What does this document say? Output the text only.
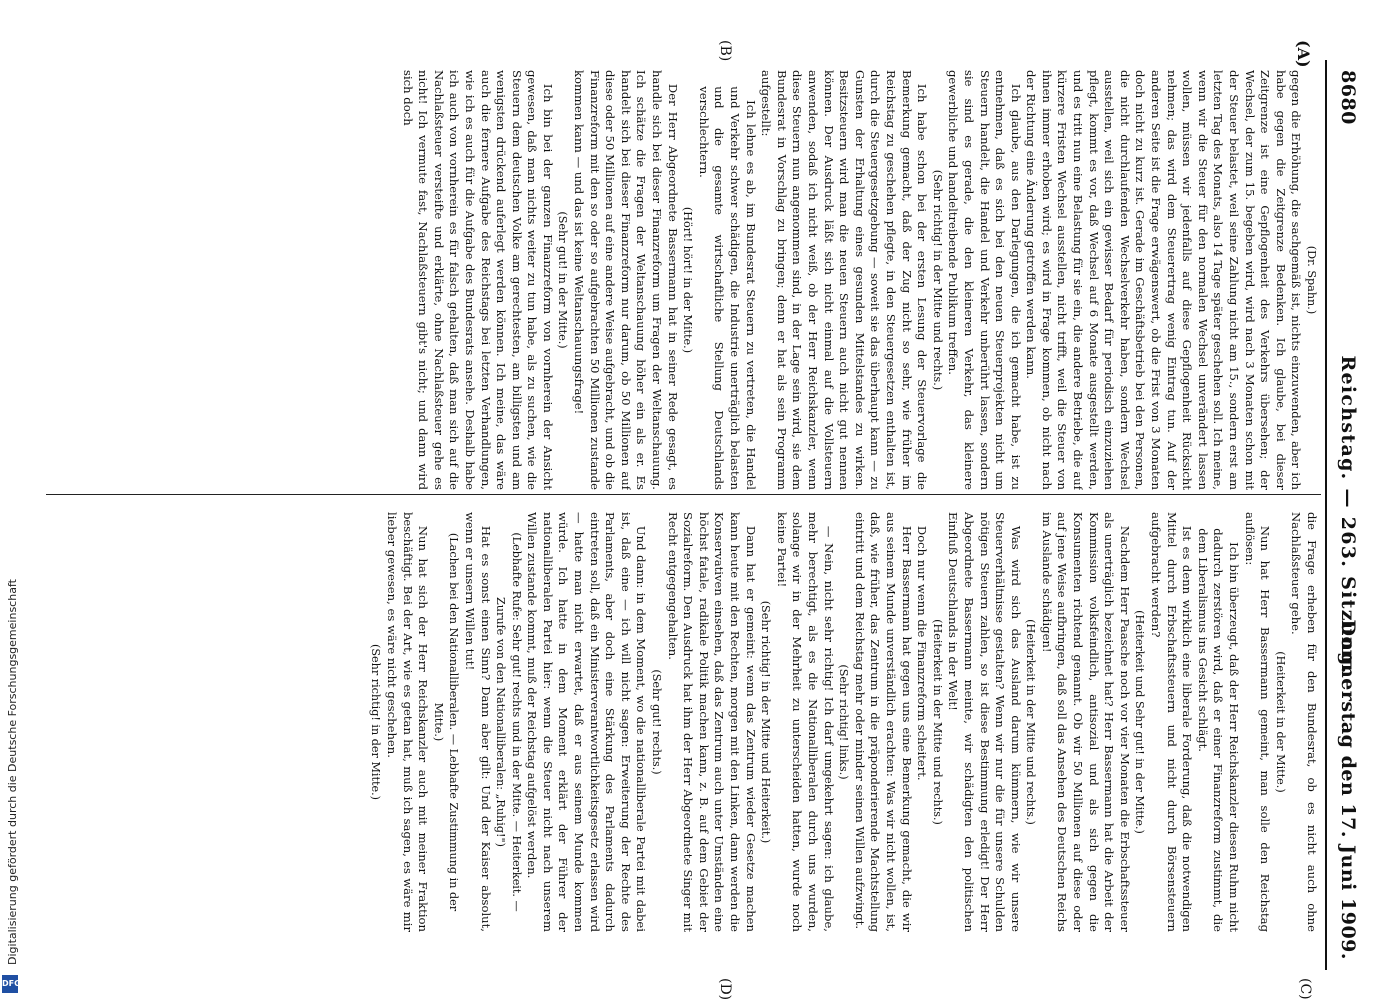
8680
Reichstag. — 263. Sitzung.
Donnerstag den 17. Juni 1909.
(A)
(B)
(C)
(D)

(Dr. Spahn.)

gegen die Erhöhung, die sachgemäß ist, nichts einzuwenden, aber ich habe gegen die Zeitgrenze Bedenken. Ich glaube, bei dieser Zeitgrenze ist eine Gepflogenheit des Verkehrs übersehen; der Wechsel, der zum 15. begeben wird, wird nach 3 Monaten schon mit der Steuer belastet, weil seine Zahlung nicht am 15., sondern erst am letzten Tag des Monats, also 14 Tage später geschehen soll. Ich meine, wenn wir die Steuer für den normalen Wechsel unverändert lassen wollen, müssen wir jedenfalls auf diese Gepflogenheit Rücksicht nehmen; das wird dem Steuerertrag wenig Eintrag tun. Auf der anderen Seite ist die Frage erwägenswert, ob die Frist von 3 Monaten doch nicht zu kurz ist. Gerade im Geschäftsbetrieb bei den Personen, die nicht durchlaufenden Wechselverkehr haben, sondern Wechsel ausstellen, weil sich ein gewisser Bedarf für periodisch einzuziehen pflegt, kommt es vor, daß Wechsel auf 6 Monate ausgestellt werden, und es tritt nun eine Belastung für sie ein, die andere Betriebe, die auf kürzere Fristen Wechsel ausstellen, nicht trifft, weil die Steuer von ihnen immer erhoben wird; es wird in Frage kommen, ob nicht nach der Richtung eine Änderung getroffen werden kann.

Ich glaube, aus den Darlegungen, die ich gemacht habe, ist zu entnehmen, daß es sich bei den neuen Steuerprojekten nicht um Steuern handelt, die Handel und Verkehr unberührt lassen, sondern sie sind es gerade, die den kleineren Verkehr, das kleinere gewerbliche und handeltreibende Publikum treffen.

(Sehr richtig! in der Mitte und rechts.)

Ich habe schon bei der ersten Lesung der Steuervorlage die Bemerkung gemacht, daß der Zug nicht so sehr, wie früher im Reichstag zu geschehen pflegte, in den Steuergesetzen enthalten ist, durch die Steuergesetzgebung — soweit sie das überhaupt kann — zu Gunsten der Erhaltung eines gesunden Mittelstandes zu wirken. Besitzsteuern wird man die neuen Steuern auch nicht gut nennen können. Der Ausdruck läßt sich nicht einmal auf die Vollsteuern anwenden, sodaß ich nicht weiß, ob der Herr Reichskanzler, wenn diese Steuern nun angenommen sind, in der Lage sein wird, sie dem Bundesrat in Vorschlag zu bringen; denn er hat als sein Programm aufgestellt:

Ich lehne es ab, im Bundesrat Steuern zu vertreten, die Handel und Verkehr schwer schädigen, die Industrie unerträglich belasten und die gesamte wirtschaftliche Stellung Deutschlands verschlechtern.

(Hört! hört! in der Mitte.)

Der Herr Abgeordnete Bassermann hat in seiner Rede gesagt, es handle sich bei dieser Finanzreform um Fragen der Weltanschauung. Ich schätze die Fragen der Weltanschauung höher ein als er. Es handelt sich bei dieser Finanzreform nur darum, ob 50 Millionen auf diese oder 50 Millionen auf eine andere Weise aufgebracht, und ob die Finanzreform mit den so oder so aufgebrachten 50 Millionen zustande kommen kann — und das ist keine Weltanschauungsfrage!

(Sehr gut! in der Mitte.)

Ich bin bei der ganzen Finanzreform von vornherein der Ansicht gewesen, daß man nichts weiter zu tun habe, als zu suchen, wie die Steuern dem deutschen Volke am gerechtesten, am billigsten und am wenigsten drückend auferlegt werden können. Ich meine, das wäre auch die fernere Aufgabe des Reichstags bei letzten Verhandlungen, wie ich es auch für die Aufgabe des Bundesrats ansehe. Deshalb habe ich auch von vornherein es für falsch gehalten, daß man sich auf die Nachlaßsteuer versteifte und erklärte, ohne Nachlaßsteuer gehe es nicht! Ich vermute fast, Nachlaßsteuern gibt's nicht; und dann wird sich doch

die Frage erheben für den Bundesrat, ob es nicht auch ohne Nachlaßsteuer gehe.

(Heiterkeit in der Mitte.)

Nun hat Herr Bassermann gemeint, man solle den Reichstag auflösen:

Ich bin überzeugt, daß der Herr Reichskanzler diesen Ruhm nicht dadurch zerstören wird, daß er einer Finanzreform zustimmt, die dem Liberalismus ins Gesicht schlägt.

Ist es denn wirklich eine liberale Forderung, daß die notwendigen Mittel durch Erbschaftssteuern und nicht durch Börsensteuern aufgebracht werden?

(Heiterkeit und Sehr gut! in der Mitte.)

Nachdem Herr Paasche noch vor vier Monaten die Erbschaftssteuer als unerträglich bezeichnet hat? Herr Bassermann hat die Arbeit der Kommission volksfeindlich, antisozial und als sich gegen die Konsumenten richtend genannt. Ob wir 50 Millionen auf diese oder auf jene Weise aufbringen, daß soll das Ansehen des Deutschen Reichs im Auslande schädigen!

(Heiterkeit in der Mitte und rechts.)

Was wird sich das Ausland darum kümmern, wie wir unsere Steuerverhältnisse gestalten? Wenn wir nur die für unsere Schulden nötigen Steuern zahlen, so ist diese Bestimmung erledigt! Der Herr Abgeordnete Bassermann meinte, wir schädigten den politischen Einfluß Deutschlands in der Welt!

(Heiterkeit in der Mitte und rechts.)

Doch nur wenn die Finanzreform scheitert.

Herr Bassermann hat gegen uns eine Bemerkung gemacht, die wir aus seinem Munde unverständlich erachten: Was wir nicht wollen, ist, daß, wie früher, das Zentrum in die präponderierende Machtstellung eintritt und dem Reichstag mehr oder minder seinen Willen aufzwingt.

(Sehr richtig! links.)

— Nein, nicht sehr richtig! Ich darf umgekehrt sagen: ich glaube, mehr berechtigt, als es die Nationalliberalen durch uns wurden, solange wir in der Mehrheit zu unterscheiden hatten, wurde noch keine Partei!

(Sehr richtig! in der Mitte und Heiterkeit.)

Dann hat er gemeint: wenn das Zentrum wieder Gesetze machen kann heute mit den Rechten, morgen mit den Linken, dann werden die Konservativen einsehen, daß das Zentrum auch unter Umständen eine höchst fatale, radikale Politik machen kann, z. B. auf dem Gebiet der Sozialreform. Den Ausdruck hat ihm der Herr Abgeordnete Singer mit Recht entgegengehalten.

(Sehr gut! rechts.)

Und dann: in dem Moment, wo die nationalliberale Partei mit dabei ist, daß eine — ich will nicht sagen: Erweiterung der Rechte des Parlaments, aber doch eine Stärkung des Parlaments dadurch eintreten soll, daß ein Ministerverantwortlichkeitsgesetz erlassen wird — hatte man nicht erwartet, daß er aus seinem Munde kommen würde. Ich hatte in dem Moment erklärt der Führer der nationalliberalen Partei hier: wenn die Steuer nicht nach unserem Willen zustande kommt, muß der Reichstag aufgelöst werden.

(Lebhafte Rufe: Sehr gut! rechts und in der Mitte. — Heiterkeit. — Zurufe von den Nationalliberalen: „Ruhig!")

Hat es sonst einen Sinn? Dann aber gilt: Und der Kaiser absolut, wenn er unsern Willen tut!

(Lachen bei den Nationalliberalen. — Lebhafte Zustimmung in der Mitte.)

Nun hat sich der Herr Reichskanzler auch mit meiner Fraktion beschäftigt. Bei der Art, wie es getan hat, muß ich sagen, es wäre mir lieber gewesen, es wäre nicht geschehen.

(Sehr richtig! in der Mitte.)

DFG
Digitalisierung gefördert durch die Deutsche Forschungsgemeinschaft
